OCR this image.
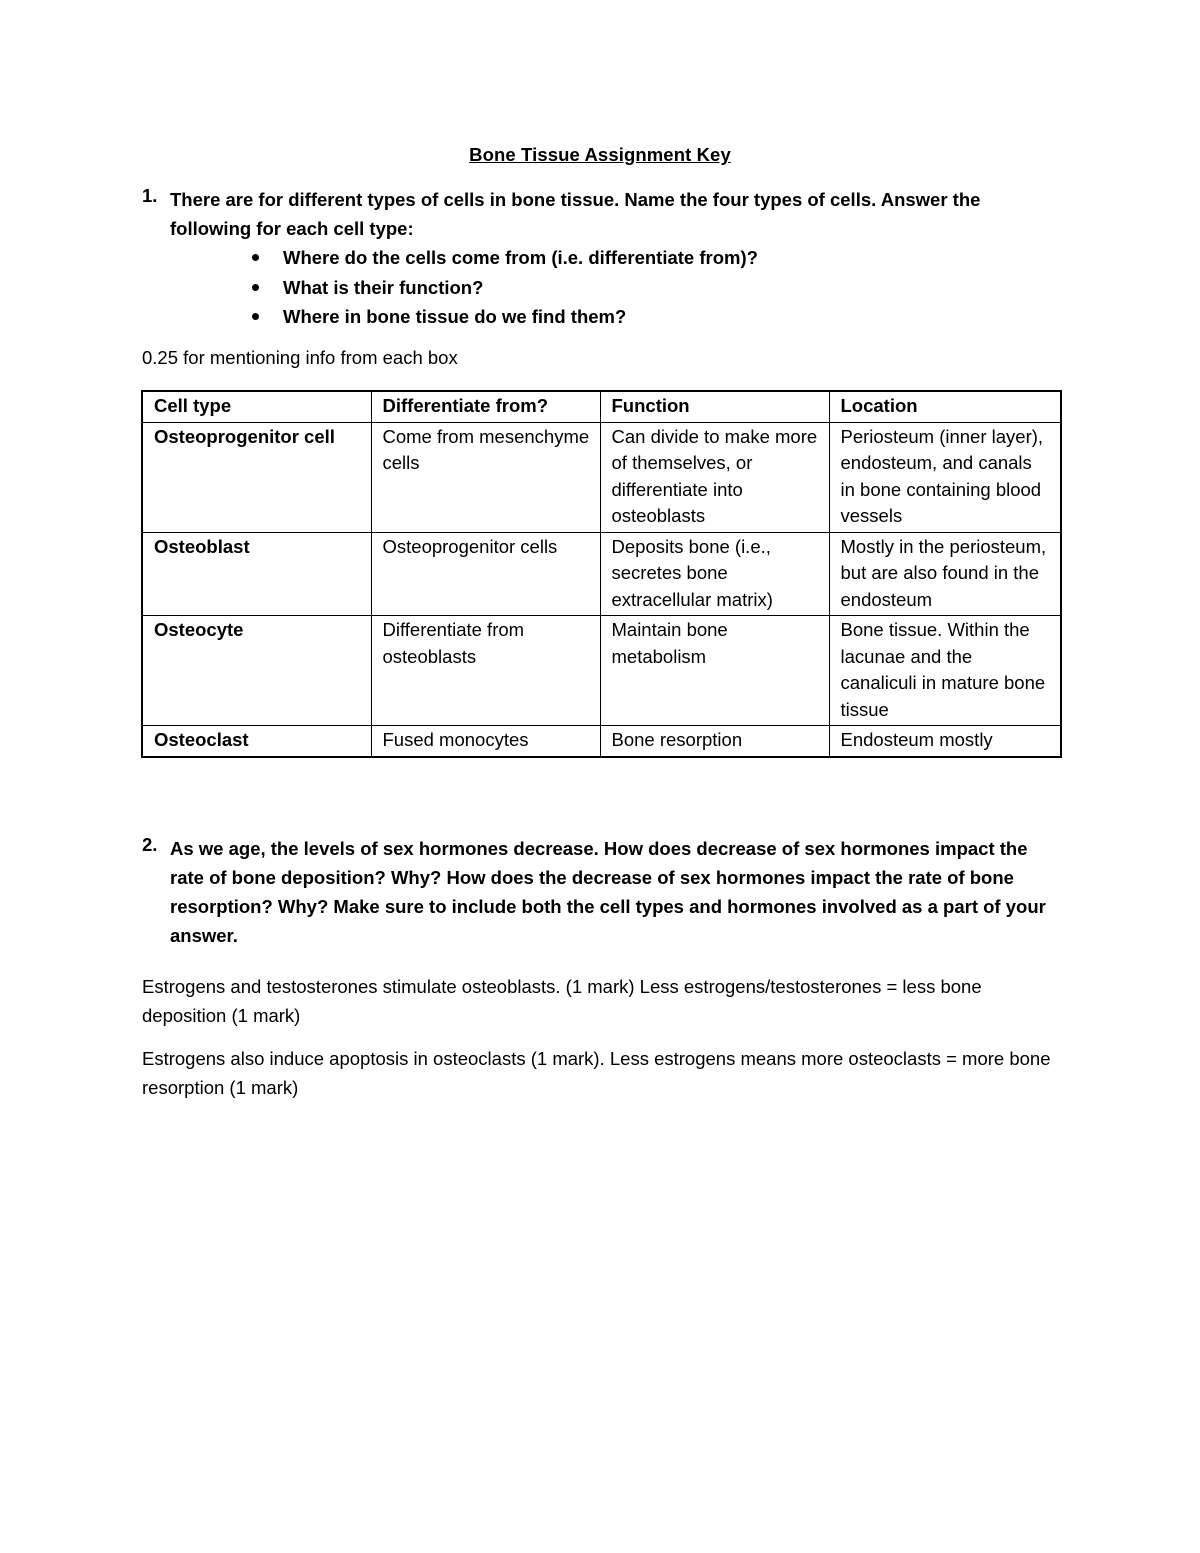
Bone Tissue Assignment Key
1. There are for different types of cells in bone tissue. Name the four types of cells. Answer the following for each cell type:
Where do the cells come from (i.e. differentiate from)?
What is their function?
Where in bone tissue do we find them?
0.25 for mentioning info from each box
Cell type	Differentiate from?	Function	Location
Osteoprogenitor cell	Come from mesenchyme cells	Can divide to make more of themselves, or differentiate into osteoblasts	Periosteum (inner layer), endosteum, and canals in bone containing blood vessels
Osteoblast	Osteoprogenitor cells	Deposits bone (i.e., secretes bone extracellular matrix)	Mostly in the periosteum, but are also found in the endosteum
Osteocyte	Differentiate from osteoblasts	Maintain bone metabolism	Bone tissue. Within the lacunae and the canaliculi in mature bone tissue
Osteoclast	Fused monocytes	Bone resorption	Endosteum mostly
2. As we age, the levels of sex hormones decrease. How does decrease of sex hormones impact the rate of bone deposition? Why? How does the decrease of sex hormones impact the rate of bone resorption? Why? Make sure to include both the cell types and hormones involved as a part of your answer.

Estrogens and testosterones stimulate osteoblasts. (1 mark) Less estrogens/testosterones = less bone deposition (1 mark)

Estrogens also induce apoptosis in osteoclasts (1 mark). Less estrogens means more osteoclasts = more bone resorption (1 mark)
